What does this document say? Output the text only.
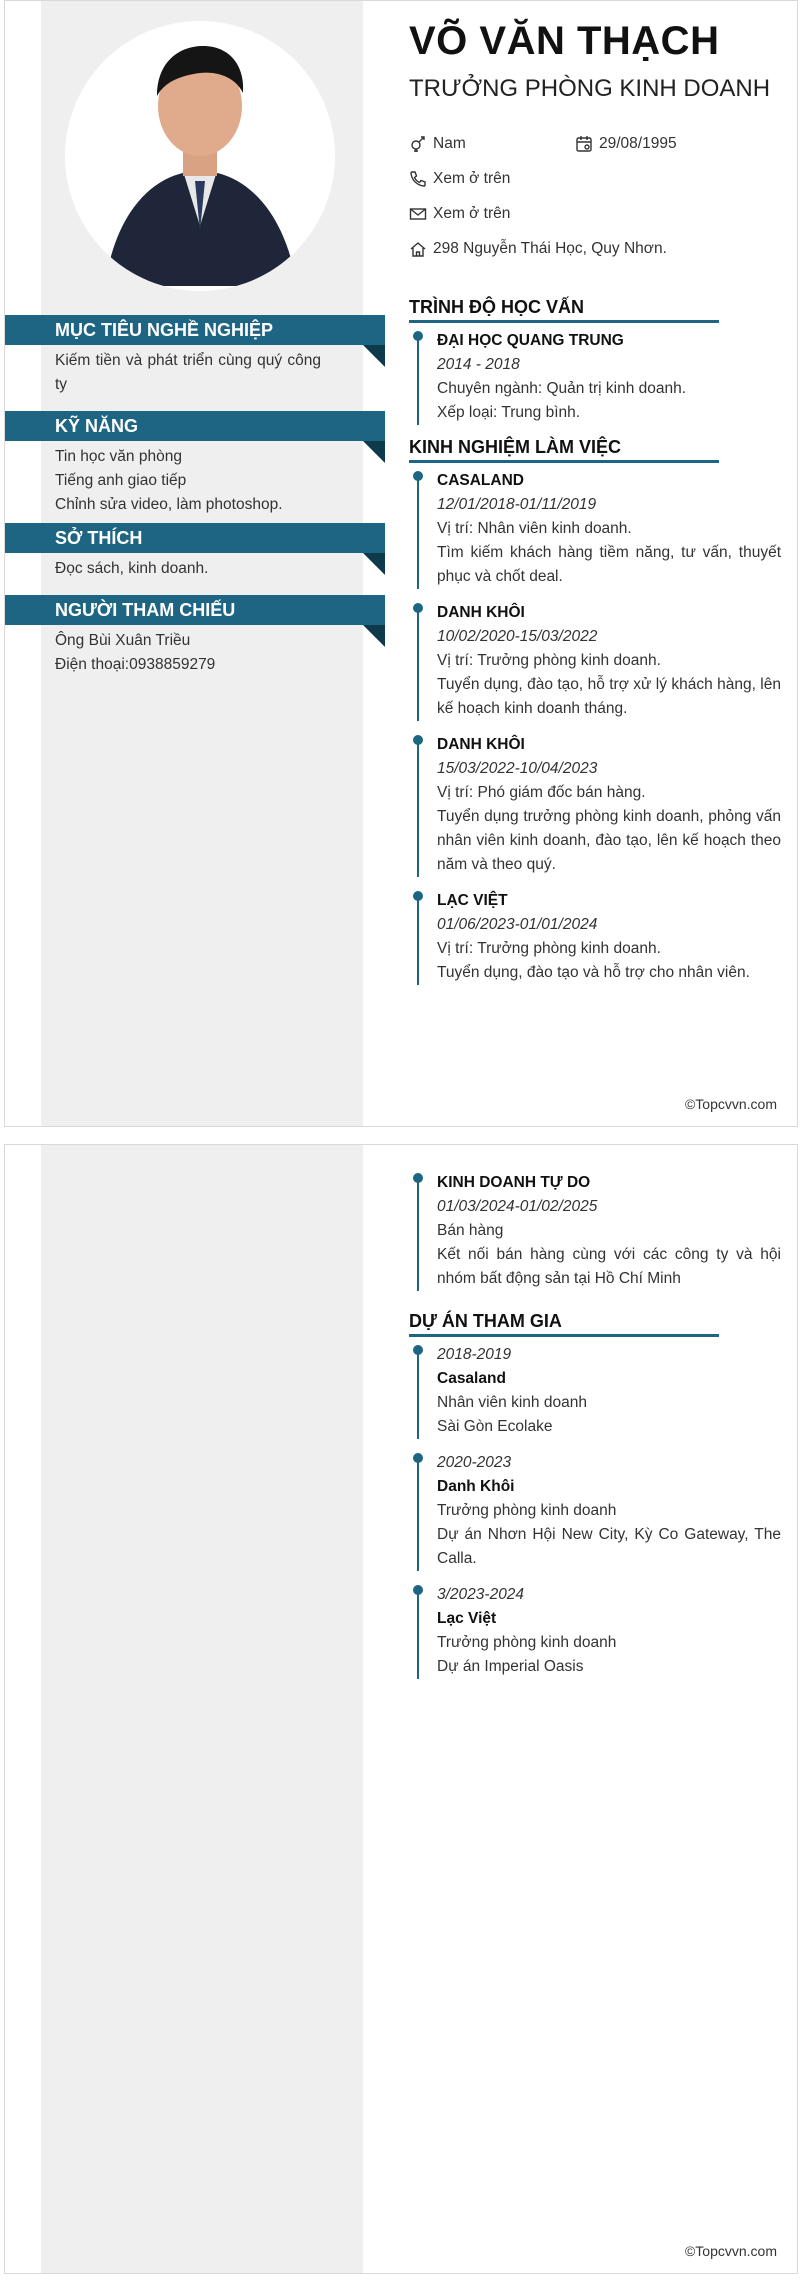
MỤC TIÊU NGHỀ NGHIỆP
Kiếm tiền và phát triển cùng quý công ty
KỸ NĂNG
Tin học văn phòng
Tiếng anh giao tiếp
Chỉnh sửa video, làm photoshop.
SỞ THÍCH
Đọc sách, kinh doanh.
NGƯỜI THAM CHIẾU
Ông Bùi Xuân Triều
Điện thoại:0938859279
VÕ VĂN THẠCH
TRƯỞNG PHÒNG KINH DOANH
Nam	29/08/1995
Xem ở trên
Xem ở trên
298 Nguyễn Thái Học, Quy Nhơn.
TRÌNH ĐỘ HỌC VẤN
ĐẠI HỌC QUANG TRUNG
2014 - 2018
Chuyên ngành: Quản trị kinh doanh.
Xếp loại: Trung bình.
KINH NGHIỆM LÀM VIỆC
CASALAND
12/01/2018-01/11/2019
Vị trí: Nhân viên kinh doanh.
Tìm kiếm khách hàng tiềm năng, tư vấn, thuyết phục và chốt deal.
DANH KHÔI
10/02/2020-15/03/2022
Vị trí: Trưởng phòng kinh doanh.
Tuyển dụng, đào tạo, hỗ trợ xử lý khách hàng, lên kế hoạch kinh doanh tháng.
DANH KHÔI
15/03/2022-10/04/2023
Vị trí: Phó giám đốc bán hàng.
Tuyển dụng trưởng phòng kinh doanh, phỏng vấn nhân viên kinh doanh, đào tạo, lên kế hoạch theo năm và theo quý.
LẠC VIỆT
01/06/2023-01/01/2024
Vị trí: Trưởng phòng kinh doanh.
Tuyển dụng, đào tạo và hỗ trợ cho nhân viên.
©Topcvvn.com
KINH DOANH TỰ DO
01/03/2024-01/02/2025
Bán hàng
Kết nối bán hàng cùng với các công ty và hội nhóm bất động sản tại Hồ Chí Minh
DỰ ÁN THAM GIA
2018-2019
Casaland
Nhân viên kinh doanh
Sài Gòn Ecolake
2020-2023
Danh Khôi
Trưởng phòng kinh doanh
Dự án Nhơn Hội New City, Kỳ Co Gateway, The Calla.
3/2023-2024
Lạc Việt
Trưởng phòng kinh doanh
Dự án Imperial Oasis
©Topcvvn.com
